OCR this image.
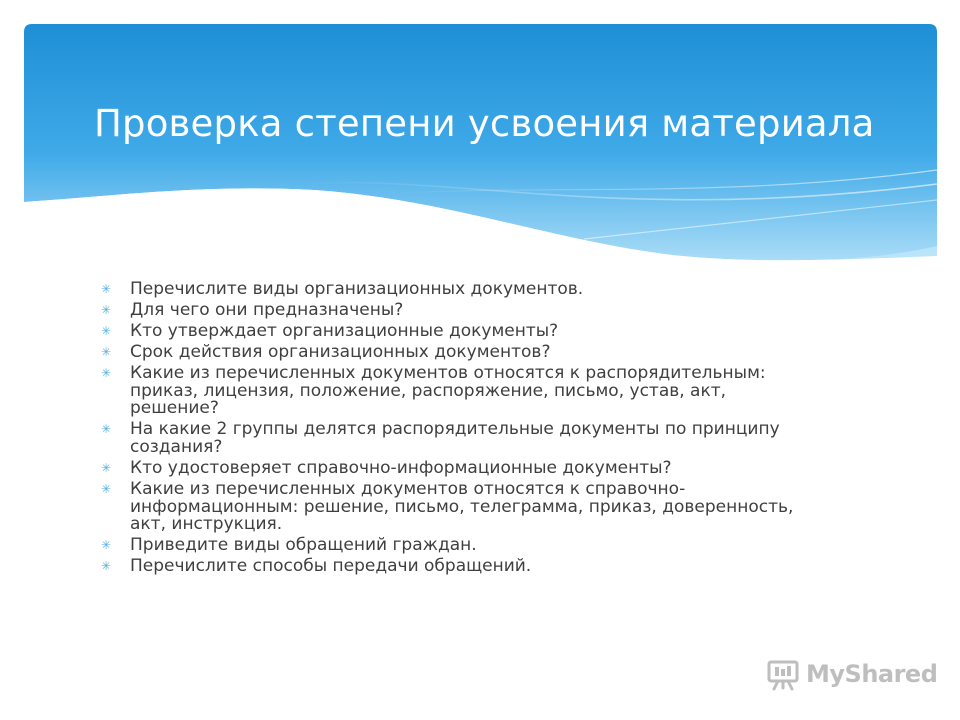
Проверка степени усвоения материала
✳ Перечислите виды организационных документов.
✳ Для чего они предназначены?
✳ Кто утверждает организационные документы?
✳ Срок действия организационных документов?
✳ Какие из перечисленных документов относятся к распорядительным: приказ, лицензия, положение, распоряжение, письмо, устав, акт, решение?
✳ На какие 2 группы делятся распорядительные документы по принципу создания?
✳ Кто удостоверяет справочно-информационные документы?
✳ Какие из перечисленных документов относятся к справочно-информационным: решение, письмо, телеграмма, приказ, доверенность, акт, инструкция.
✳ Приведите виды обращений граждан.
✳ Перечислите способы передачи обращений.
MyShared
